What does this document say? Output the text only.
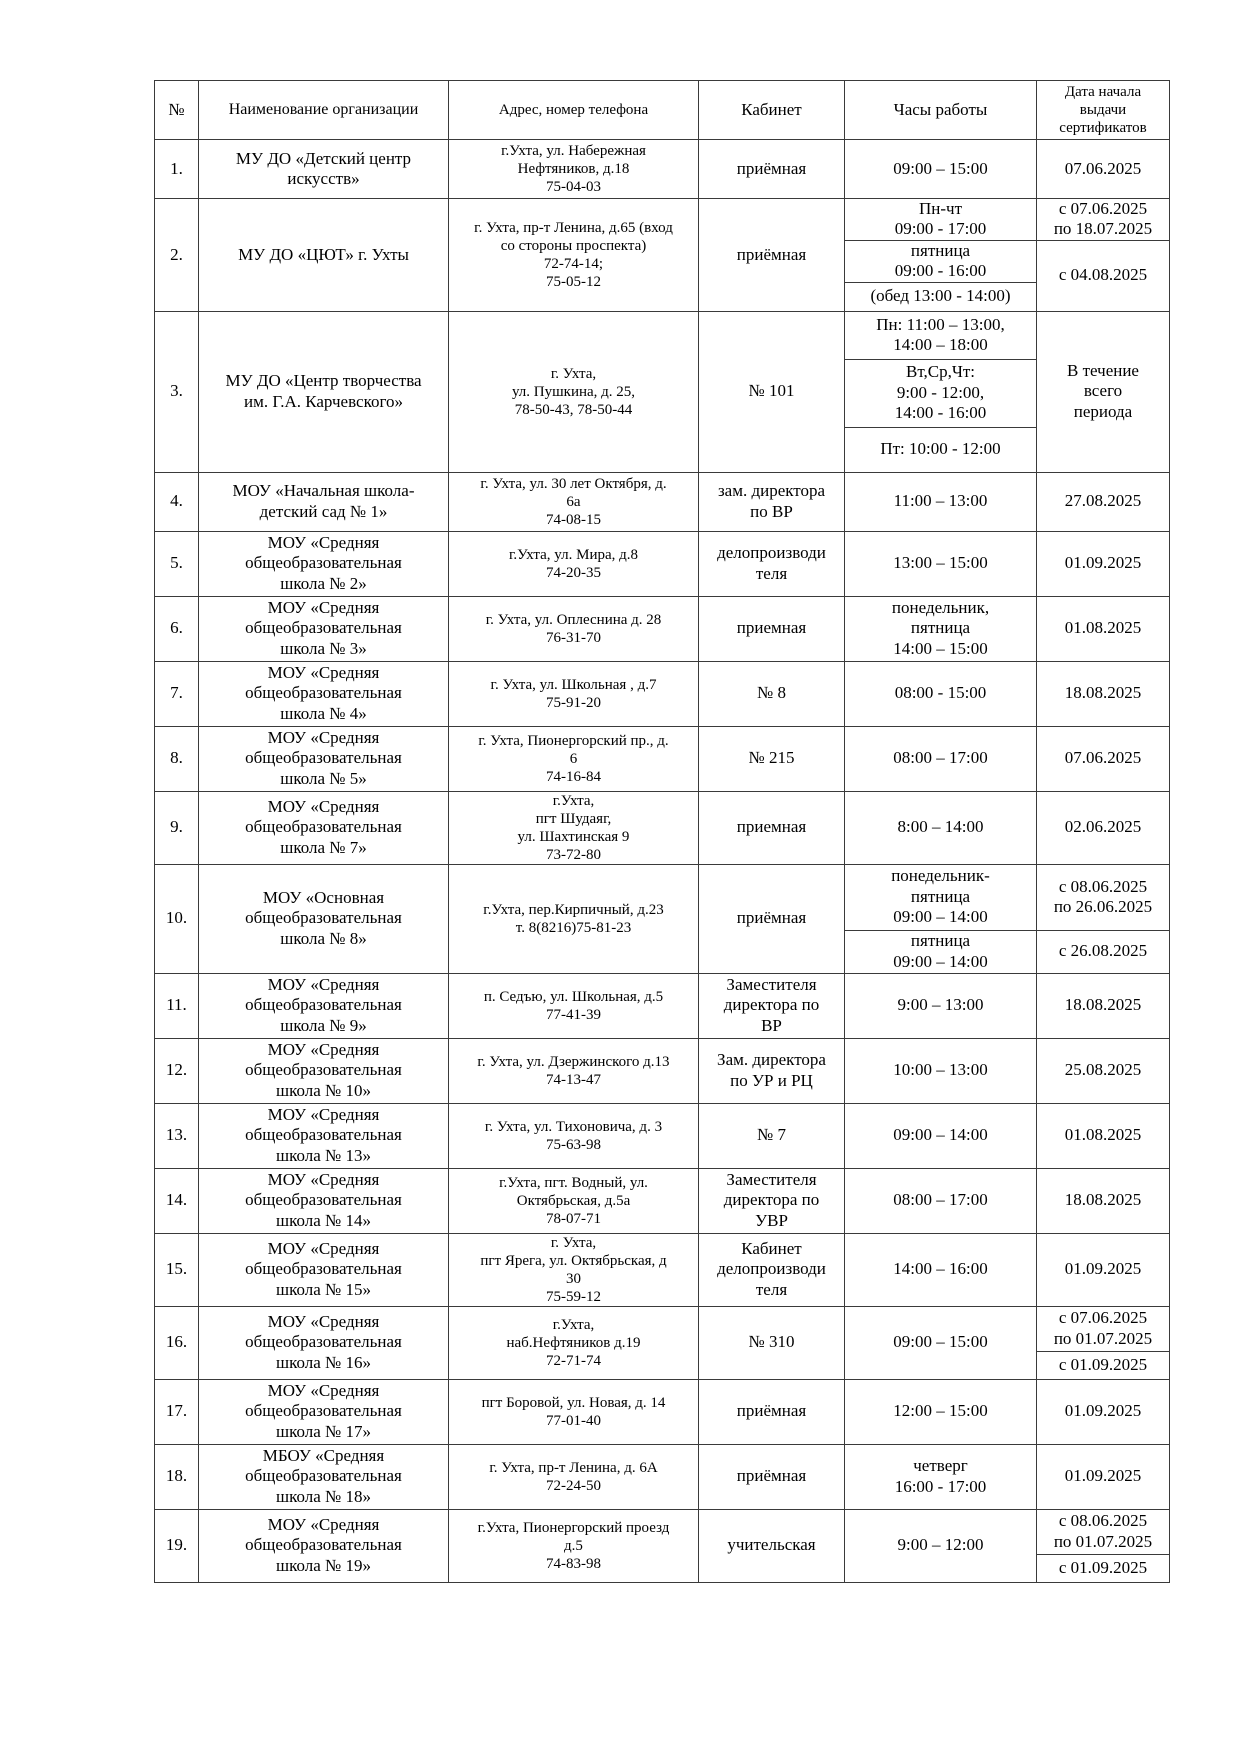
№	Наименование организации	Адрес, номер телефона	Кабинет	Часы работы	Дата начала выдачи сертификатов
1.	МУ ДО «Детский центр
искусств»	г.Ухта, ул. Набережная
Нефтяников, д.18
75-04-03	приёмная	09:00 – 15:00	07.06.2025

2.	МУ ДО «ЦЮТ» г. Ухты	г. Ухта, пр-т Ленина, д.65 (вход
со стороны проспекта)
72-74-14;
75-05-12	приёмная	Пн-чт
09:00 - 17:00	с 07.06.2025
по 18.07.2025

				пятница
09:00 - 16:00	с 04.08.2025

				(обед 13:00 - 14:00)	

3.	МУ ДО «Центр творчества
им. Г.А. Карчевского»	г. Ухта,
ул. Пушкина, д. 25,
78-50-43, 78-50-44	№ 101	Пн: 11:00 – 13:00,
14:00 – 18:00	В течение
всего
периода

				Вт,Ср,Чт:
9:00 - 12:00,
14:00 - 16:00	

				Пт: 10:00 - 12:00	

4.	МОУ «Начальная школа-
детский сад № 1»	г. Ухта, ул. 30 лет Октября, д.
6а
74-08-15	зам. директора
по ВР	11:00 – 13:00	27.08.2025

5.	МОУ «Средняя
общеобразовательная
школа № 2»	г.Ухта, ул. Мира, д.8
74-20-35	делопроизводи
теля	13:00 – 15:00	01.09.2025

6.	МОУ «Средняя
общеобразовательная
школа № 3»	г. Ухта, ул. Оплеснина д. 28
76-31-70	приемная	понедельник,
пятница
14:00 – 15:00	01.08.2025

7.	МОУ «Средняя
общеобразовательная
школа № 4»	г. Ухта, ул. Школьная , д.7
75-91-20	№ 8	08:00 - 15:00	18.08.2025

8.	МОУ «Средняя
общеобразовательная
школа № 5»	г. Ухта, Пионергорский пр., д.
6
74-16-84	№ 215	08:00 – 17:00	07.06.2025

9.	МОУ «Средняя
общеобразовательная
школа № 7»	г.Ухта,
пгт Шудаяг,
ул. Шахтинская 9
73-72-80	приемная	8:00 – 14:00	02.06.2025

10.	МОУ «Основная
общеобразовательная
школа № 8»	г.Ухта, пер.Кирпичный, д.23
т. 8(8216)75-81-23	приёмная	понедельник-
пятница
09:00 – 14:00	с 08.06.2025
по 26.06.2025

				пятница
09:00 – 14:00	с 26.08.2025

11.	МОУ «Средняя
общеобразовательная
школа № 9»	п. Седъю, ул. Школьная, д.5
77-41-39	Заместителя
директора по
ВР	9:00 – 13:00	18.08.2025

12.	МОУ «Средняя
общеобразовательная
школа № 10»	г. Ухта, ул. Дзержинского д.13
74-13-47	Зам. директора
по УР и РЦ	10:00 – 13:00	25.08.2025

13.	МОУ «Средняя
общеобразовательная
школа № 13»	г. Ухта, ул. Тихоновича, д. 3
75-63-98	№ 7	09:00 – 14:00	01.08.2025

14.	МОУ «Средняя
общеобразовательная
школа № 14»	г.Ухта, пгт. Водный, ул.
Октябрьская, д.5а
78-07-71	Заместителя
директора по
УВР	08:00 – 17:00	18.08.2025

15.	МОУ «Средняя
общеобразовательная
школа № 15»	г. Ухта,
пгт Ярега, ул. Октябрьская, д
30
75-59-12	Кабинет
делопроизводи
теля	14:00 – 16:00	01.09.2025

16.	МОУ «Средняя
общеобразовательная
школа № 16»	г.Ухта,
наб.Нефтяников д.19
72-71-74	№ 310	09:00 – 15:00	с 07.06.2025
по 01.07.2025

					с 01.09.2025

17.	МОУ «Средняя
общеобразовательная
школа № 17»	пгт Боровой, ул. Новая, д. 14
77-01-40	приёмная	12:00 – 15:00	01.09.2025

18.	МБОУ «Средняя
общеобразовательная
школа № 18»	г. Ухта, пр-т Ленина, д. 6А
72-24-50	приёмная	четверг
16:00 - 17:00	01.09.2025

19.	МОУ «Средняя
общеобразовательная
школа № 19»	г.Ухта, Пионергорский проезд
д.5
74-83-98	учительская	9:00 – 12:00	с 08.06.2025
по 01.07.2025

					с 01.09.2025
